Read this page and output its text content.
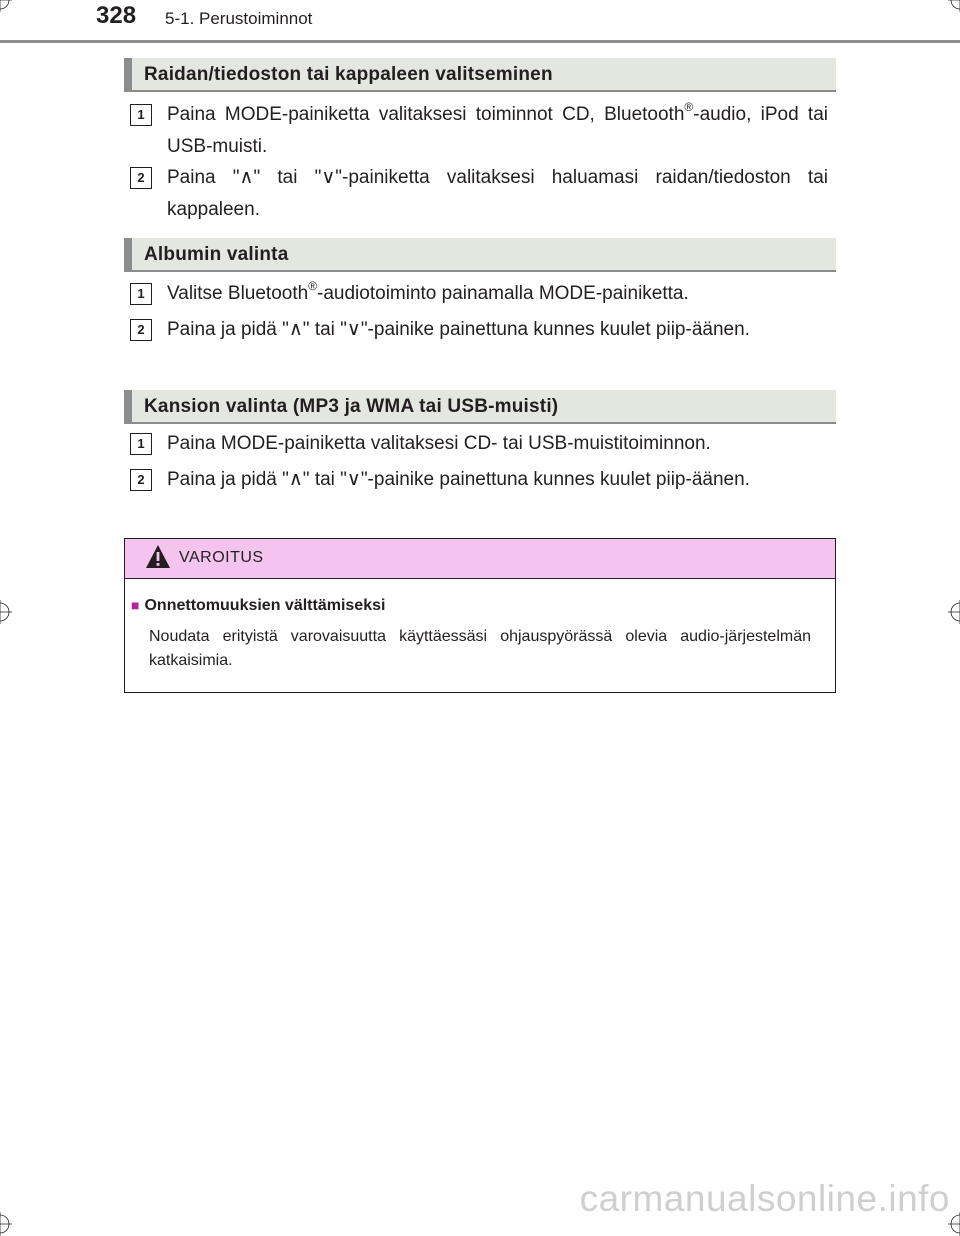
328 5-1. Perustoiminnot
Raidan/tiedoston tai kappaleen valitseminen
1	Paina MODE-painiketta valitaksesi toiminnot CD, Bluetooth®-audio, iPod tai USB-muisti.
2	Paina "∧" tai "∨"-painiketta valitaksesi haluamasi raidan/tiedoston tai kappaleen.
Albumin valinta
1	Valitse Bluetooth®-audiotoiminto painamalla MODE-painiketta.
2	Paina ja pidä "∧" tai "∨"-painike painettuna kunnes kuulet piip-äänen.
Kansion valinta (MP3 ja WMA tai USB-muisti)
1	Paina MODE-painiketta valitaksesi CD- tai USB-muistitoiminnon.
2	Paina ja pidä "∧" tai "∨"-painike painettuna kunnes kuulet piip-äänen.
VAROITUS
■ Onnettomuuksien välttämiseksi
Noudata erityistä varovaisuutta käyttäessäsi ohjauspyörässä olevia audio-järjestelmän katkaisimia.
carmanualsonline.info
